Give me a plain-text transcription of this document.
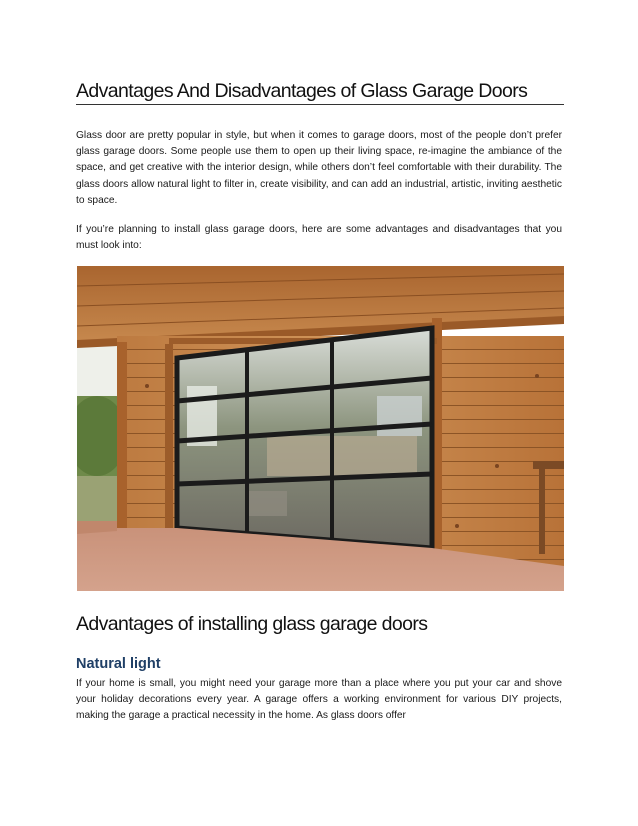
Advantages And Disadvantages of Glass Garage Doors

Glass door are pretty popular in style, but when it comes to garage doors, most of the people don’t prefer glass garage doors. Some people use them to open up their living space, re-imagine the ambiance of the space, and get creative with the interior design, while others don’t feel comfortable with their durability. The glass doors allow natural light to filter in, create visibility, and can add an industrial, artistic, inviting aesthetic to space.

If you’re planning to install glass garage doors, here are some advantages and disadvantages that you must look into:

Advantages of installing glass garage doors
Natural light

If your home is small, you might need your garage more than a place where you put your car and shove your holiday decorations every year. A garage offers a working environment for various DIY projects, making the garage a practical necessity in the home. As glass doors offer
